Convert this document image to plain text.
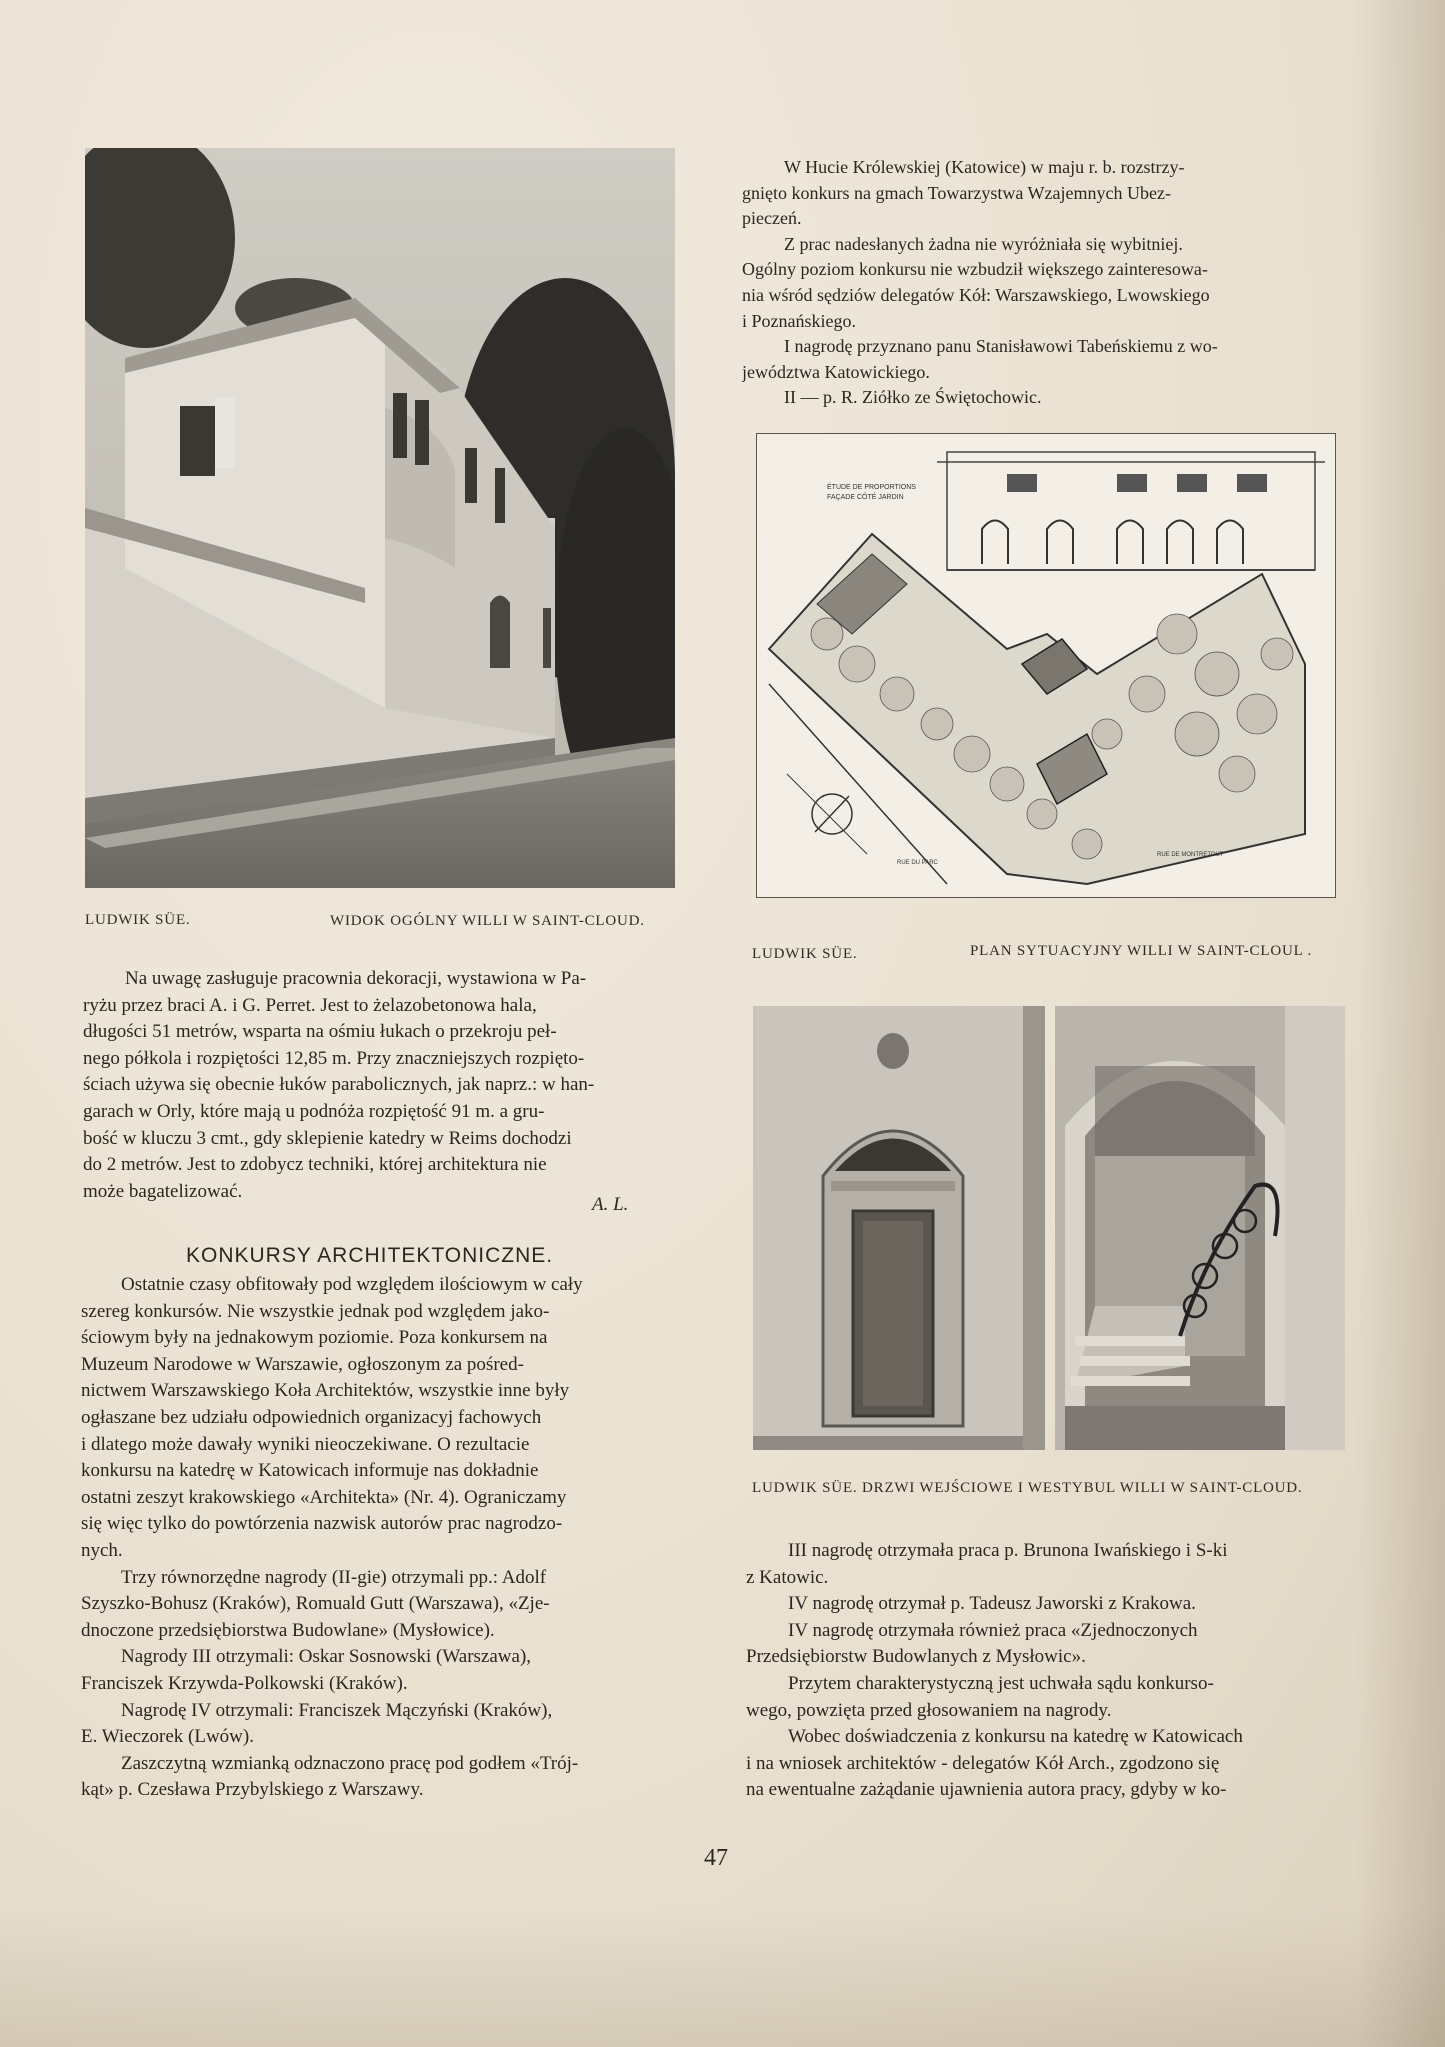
LUDWIK SÜE.	WIDOK OGÓLNY WILLI W SAINT-CLOUD.
Na uwagę zasługuje pracownia dekoracji, wystawiona w Pa-
ryżu przez braci A. i G. Perret. Jest to żelazobetonowa hala,
długości 51 metrów, wsparta na ośmiu łukach o przekroju peł-
nego półkola i rozpiętości 12,85 m. Przy znaczniejszych rozpięto-
ściach używa się obecnie łuków parabolicznych, jak naprz.: w han-
garach w Orly, które mają u podnóża rozpiętość 91 m. a gru-
bość w kluczu 3 cmt., gdy sklepienie katedry w Reims dochodzi
do 2 metrów. Jest to zdobycz techniki, której architektura nie
może bagatelizować.
A. L.
KONKURSY ARCHITEKTONICZNE.
Ostatnie czasy obfitowały pod względem ilościowym w cały
szereg konkursów. Nie wszystkie jednak pod względem jako-
ściowym były na jednakowym poziomie. Poza konkursem na
Muzeum Narodowe w Warszawie, ogłoszonym za pośred-
nictwem Warszawskiego Koła Architektów, wszystkie inne były
ogłaszane bez udziału odpowiednich organizacyj fachowych
i dlatego może dawały wyniki nieoczekiwane. O rezultacie
konkursu na katedrę w Katowicach informuje nas dokładnie
ostatni zeszyt krakowskiego «Architekta» (Nr. 4). Ograniczamy
się więc tylko do powtórzenia nazwisk autorów prac nagrodzo-
nych.
Trzy równorzędne nagrody (II-gie) otrzymali pp.: Adolf
Szyszko-Bohusz (Kraków), Romuald Gutt (Warszawa), «Zje-
dnoczone przedsiębiorstwa Budowlane» (Mysłowice).
Nagrody III otrzymali: Oskar Sosnowski (Warszawa),
Franciszek Krzywda-Polkowski (Kraków).
Nagrodę IV otrzymali: Franciszek Mączyński (Kraków),
E. Wieczorek (Lwów).
Zaszczytną wzmianką odznaczono pracę pod godłem «Trój-
kąt» p. Czesława Przybylskiego z Warszawy.
W Hucie Królewskiej (Katowice) w maju r. b. rozstrzy-
gnięto konkurs na gmach Towarzystwa Wzajemnych Ubez-
pieczeń.
Z prac nadesłanych żadna nie wyróżniała się wybitniej.
Ogólny poziom konkursu nie wzbudził większego zainteresowa-
nia wśród sędziów delegatów Kół: Warszawskiego, Lwowskiego
i Poznańskiego.
I nagrodę przyznano panu Stanisławowi Tabeńskiemu z wo-
jewództwa Katowickiego.
II — p. R. Ziółko ze Świętochowic.
ÉTUDE DE PROPORTIONS
FAÇADE CÔTÉ JARDIN
RUE DU PARC
RUE DE MONTRETOUT
LUDWIK SÜE.	PLAN SYTUACYJNY WILLI W SAINT-CLOUL .
LUDWIK SÜE. DRZWI WEJŚCIOWE I WESTYBUL WILLI W SAINT-CLOUD.
III nagrodę otrzymała praca p. Brunona Iwańskiego i S-ki
z Katowic.
IV nagrodę otrzymał p. Tadeusz Jaworski z Krakowa.
IV nagrodę otrzymała również praca «Zjednoczonych
Przedsiębiorstw Budowlanych z Mysłowic».
Przytem charakterystyczną jest uchwała sądu konkurso-
wego, powzięta przed głosowaniem na nagrody.
Wobec doświadczenia z konkursu na katedrę w Katowicach
i na wniosek architektów - delegatów Kół Arch., zgodzono się
na ewentualne zażądanie ujawnienia autora pracy, gdyby w ko-
47
